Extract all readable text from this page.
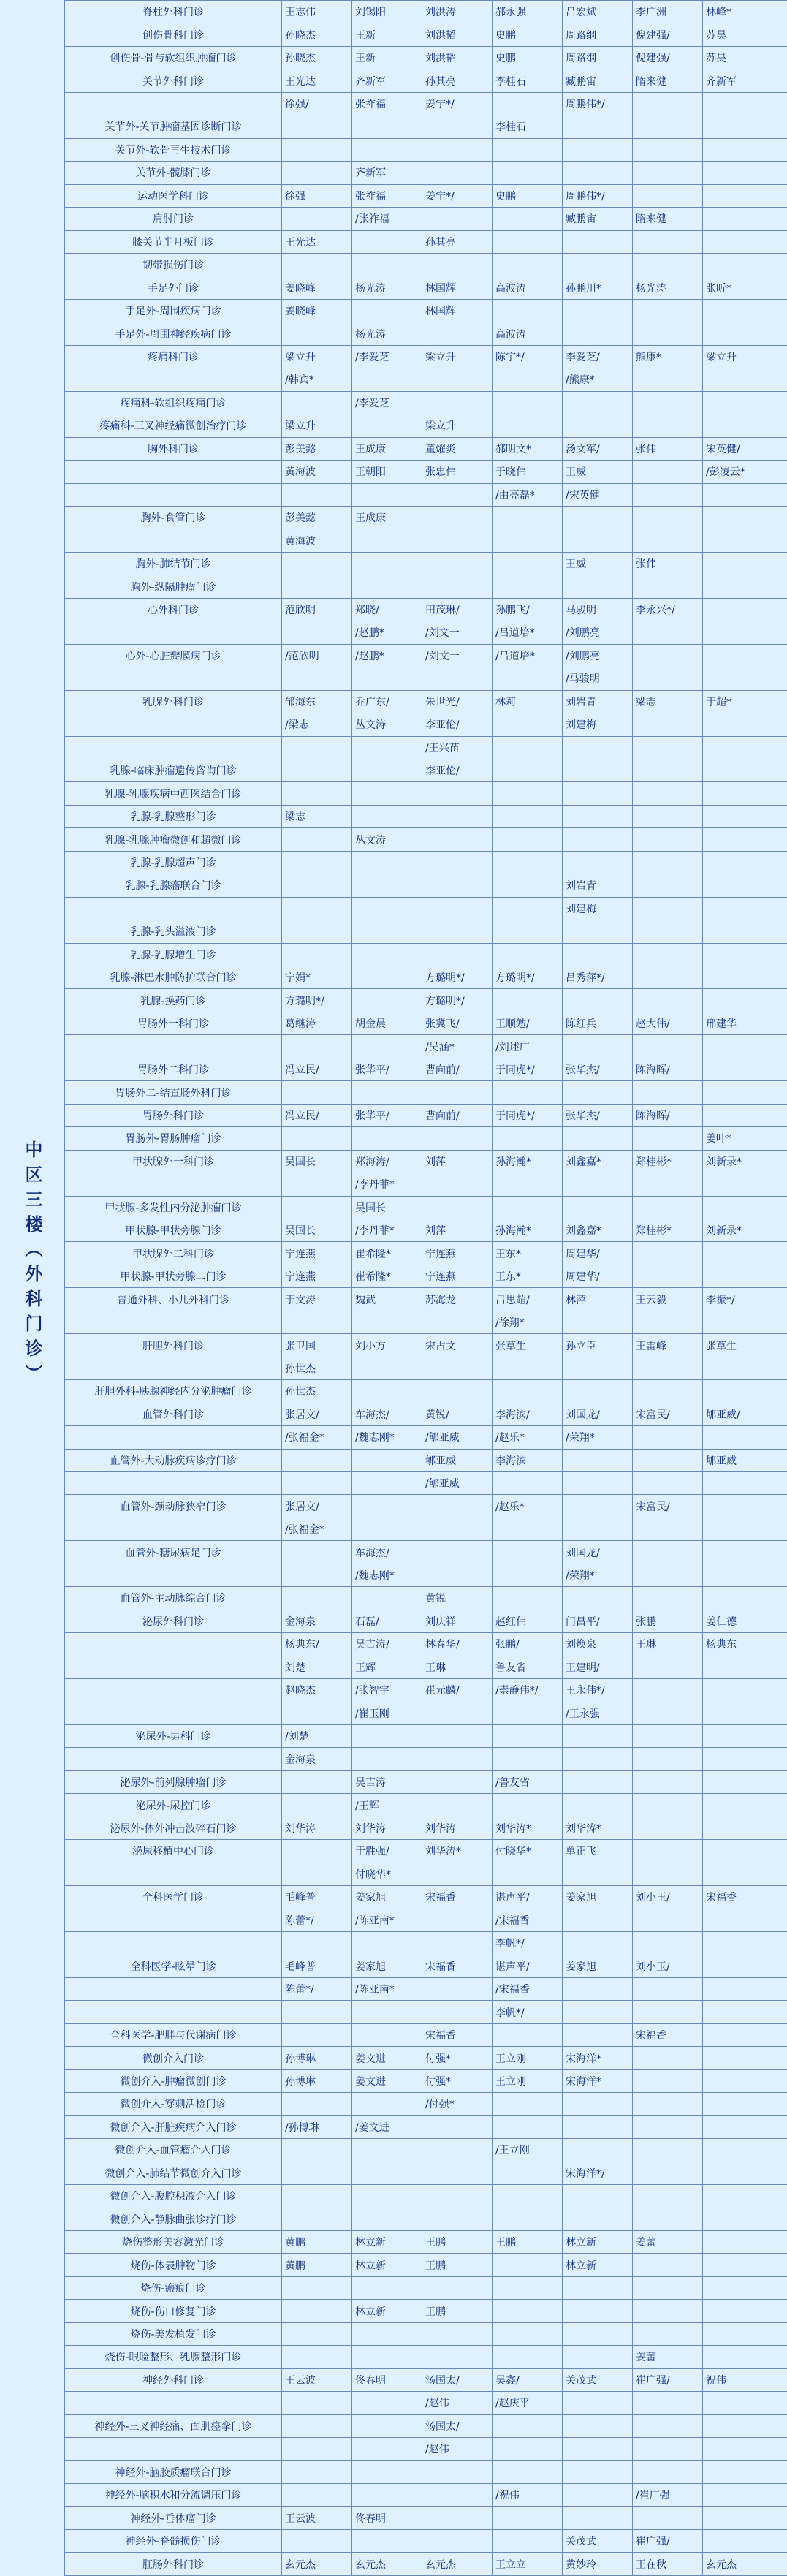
中区三楼（外科门诊）
脊柱外科门诊	王志伟	刘锡阳	刘洪涛	郝永强	吕宏斌	李广洲	林峰*
创伤骨科门诊	孙晓杰	王新	刘洪韬	史鹏	周路纲	倪建强/	苏昊
创伤骨-骨与软组织肿瘤门诊	孙晓杰	王新	刘洪韬	史鹏	周路纲	倪建强/	苏昊
关节外科门诊	王光达	齐新军	孙其亮	李桂石	臧鹏宙	隋来健	齐新军
	徐强/	张祚福	姜宁*/		周鹏伟*/		
关节外-关节肿瘤基因诊断门诊				李桂石			
关节外-软骨再生技术门诊							
关节外-髋膝门诊		齐新军					
运动医学科门诊	徐强	张祚福	姜宁*/	史鹏	周鹏伟*/		
肩肘门诊		/张祚福			臧鹏宙	隋来健	
膝关节半月板门诊	王光达		孙其亮				
韧带损伤门诊							
手足外门诊	姜晓峰	杨光涛	林国辉	高波涛	孙鹏川*	杨光涛	张昕*
手足外-周围疾病门诊	姜晓峰		林国辉				
手足外-周围神经疾病门诊		杨光涛		高波涛			
疼痛科门诊	梁立升	/李爱芝	梁立升	陈宇*/	李爱芝/	熊康*	梁立升
	/韩宾*				/熊康*		
疼痛科-软组织疼痛门诊		/李爱芝					
疼痛科-三叉神经痛微创治疗门诊	梁立升		梁立升				
胸外科门诊	彭美懿	王成康	董燿炎	郝明文*	汤文军/	张伟	宋英健/
	黄海波	王朝阳	张忠伟	于晓伟	王威		/彭凌云*
				/由亮磊*	/宋英健		
胸外-食管门诊	彭美懿	王成康					
	黄海波						
胸外-肺结节门诊					王威	张伟	
胸外-纵隔肿瘤门诊							
心外科门诊	范欣明	郑晓/	田茂琳/	孙鹏飞/	马骏明	李永兴*/	
		/赵鹏*	/刘文一	/吕道培*	/刘鹏亮		
心外-心脏瓣膜病门诊	/范欣明	/赵鹏*	/刘文一	/吕道培*	/刘鹏亮		
					/马骏明		
乳腺外科门诊	邹海东	乔广东/	朱世光/	林莉	刘岩青	梁志	于超*
	/梁志	丛文涛	李亚伦/		刘建梅		
			/王兴苗				
乳腺-临床肿瘤遗传咨询门诊			李亚伦/				
乳腺-乳腺疾病中西医结合门诊							
乳腺-乳腺整形门诊	梁志						
乳腺-乳腺肿瘤微创和超微门诊		丛文涛					
乳腺-乳腺超声门诊							
乳腺-乳腺癌联合门诊					刘岩青		
					刘建梅		
乳腺-乳头溢液门诊							
乳腺-乳腺增生门诊							
乳腺-淋巴水肿防护联合门诊	宁娟*		方璐明*/	方璐明*/	吕秀萍*/		
乳腺-换药门诊	方璐明*/		方璐明*/				
胃肠外一科门诊	葛继涛	胡金晨	张冀飞/	王顺勉/	陈红兵	赵大伟/	邢建华
			/吴涵*	/刘述广			
胃肠外二科门诊	冯立民/	张华平/	曹向前/	于同虎*/	张华杰/	陈海晖/	
胃肠外二-结直肠外科门诊							
胃肠外科门诊	冯立民/	张华平/	曹向前/	于同虎*/	张华杰/	陈海晖/	
胃肠外-胃肠肿瘤门诊							姜叶*
甲状腺外一科门诊	吴国长	郑海涛/	刘萍	孙海瀚*	刘鑫嘉*	郑桂彬*	刘新录*
		/李丹菲*					
甲状腺-多发性内分泌肿瘤门诊		吴国长					
甲状腺-甲状旁腺门诊	吴国长	/李丹菲*	刘萍	孙海瀚*	刘鑫嘉*	郑桂彬*	刘新录*
甲状腺外二科门诊	宁连燕	崔希隆*	宁连燕	王东*	周建华/		
甲状腺-甲状旁腺二门诊	宁连燕	崔希隆*	宁连燕	王东*	周建华/		
普通外科、小儿外科门诊	于文涛	魏武	苏海龙	吕思超/	林萍	王云毅	李振*/
				/徐翔*			
肝胆外科门诊	张卫国	刘小方	宋占文	张草生	孙立臣	王雷峰	张草生
	孙世杰						
肝胆外科-胰腺神经内分泌肿瘤门诊	孙世杰						
血管外科门诊	张居文/	车海杰/	黄锐/	李海滨/	刘国龙/	宋富民/	郇亚威/
	/张福金*	/魏志刚*	/郇亚威	/赵乐*	/荣翔*		
血管外-大动脉疾病诊疗门诊			郇亚威	李海滨			郇亚威
			/郇亚威				
血管外-颈动脉狭窄门诊	张居文/			/赵乐*		宋富民/	
	/张福金*						
血管外-糖尿病足门诊		车海杰/			刘国龙/		
		/魏志刚*			/荣翔*		
血管外-主动脉综合门诊			黄锐				
泌尿外科门诊	金海泉	石磊/	刘庆祥	赵红伟	门昌平/	张鹏	姜仁德
	杨典东/	吴吉涛/	林春华/	张鹏/	刘焕泉	王琳	杨典东
	刘楚	王辉	王琳	鲁友省	王建明/		
	赵晓杰	/张智宇	崔元麟/	/崇静伟*/	王永伟*/		
		/崔玉刚			/王永强		
泌尿外-男科门诊	/刘楚						
	金海泉						
泌尿外-前列腺肿瘤门诊		吴吉涛		/鲁友省			
泌尿外-尿控门诊		/王辉					
泌尿外-体外冲击波碎石门诊	刘华涛	刘华涛	刘华涛	刘华涛*	刘华涛*		
泌尿移植中心门诊		于胜强/	刘华涛*	付晓华*	单正飞		
		付晓华*					
全科医学门诊	毛峰普	姜家旭	宋福香	谌声平/	姜家旭	刘小玉/	宋福香
	陈蕾*/	/陈亚南*		/宋福香			
				李帆*/			
全科医学-眩晕门诊	毛峰普	姜家旭	宋福香	谌声平/	姜家旭	刘小玉/	
	陈蕾*/	/陈亚南*		/宋福香			
				李帆*/			
全科医学-肥胖与代谢病门诊			宋福香			宋福香	
微创介入门诊	孙博琳	姜文进	付强*	王立刚	宋海洋*		
微创介入-肿瘤微创门诊	孙博琳	姜文进	付强*	王立刚	宋海洋*		
微创介入-穿刺活检门诊			/付强*				
微创介入-肝脏疾病介入门诊	/孙博琳	/姜文进					
微创介入-血管瘤介入门诊				/王立刚			
微创介入-肺结节微创介入门诊					宋海洋*/		
微创介入-腹腔积液介入门诊							
微创介入-静脉曲张诊疗门诊							
烧伤整形美容激光门诊	黄鹏	林立新	王鹏	王鹏	林立新	姜蕾	
烧伤-体表肿物门诊	黄鹏	林立新	王鹏		林立新		
烧伤-瘢痕门诊							
烧伤-伤口修复门诊		林立新	王鹏				
烧伤-美发植发门诊							
烧伤-眼睑整形、乳腺整形门诊						姜蕾	
神经外科门诊	王云波	佟春明	汤国太/	吴鑫/	关茂武	崔广强/	祝伟
			/赵伟	/赵庆平			
神经外-三叉神经痛、面肌痉挛门诊			汤国太/				
			/赵伟				
神经外-脑胶质瘤联合门诊							
神经外-脑积水和分流调压门诊				/祝伟		/崔广强	
神经外-垂体瘤门诊	王云波	佟春明					
神经外-脊髓损伤门诊					关茂武	崔广强/	
肛肠外科门诊	玄元杰	玄元杰	玄元杰	王立立	黄妙玲	王在秋	玄元杰
